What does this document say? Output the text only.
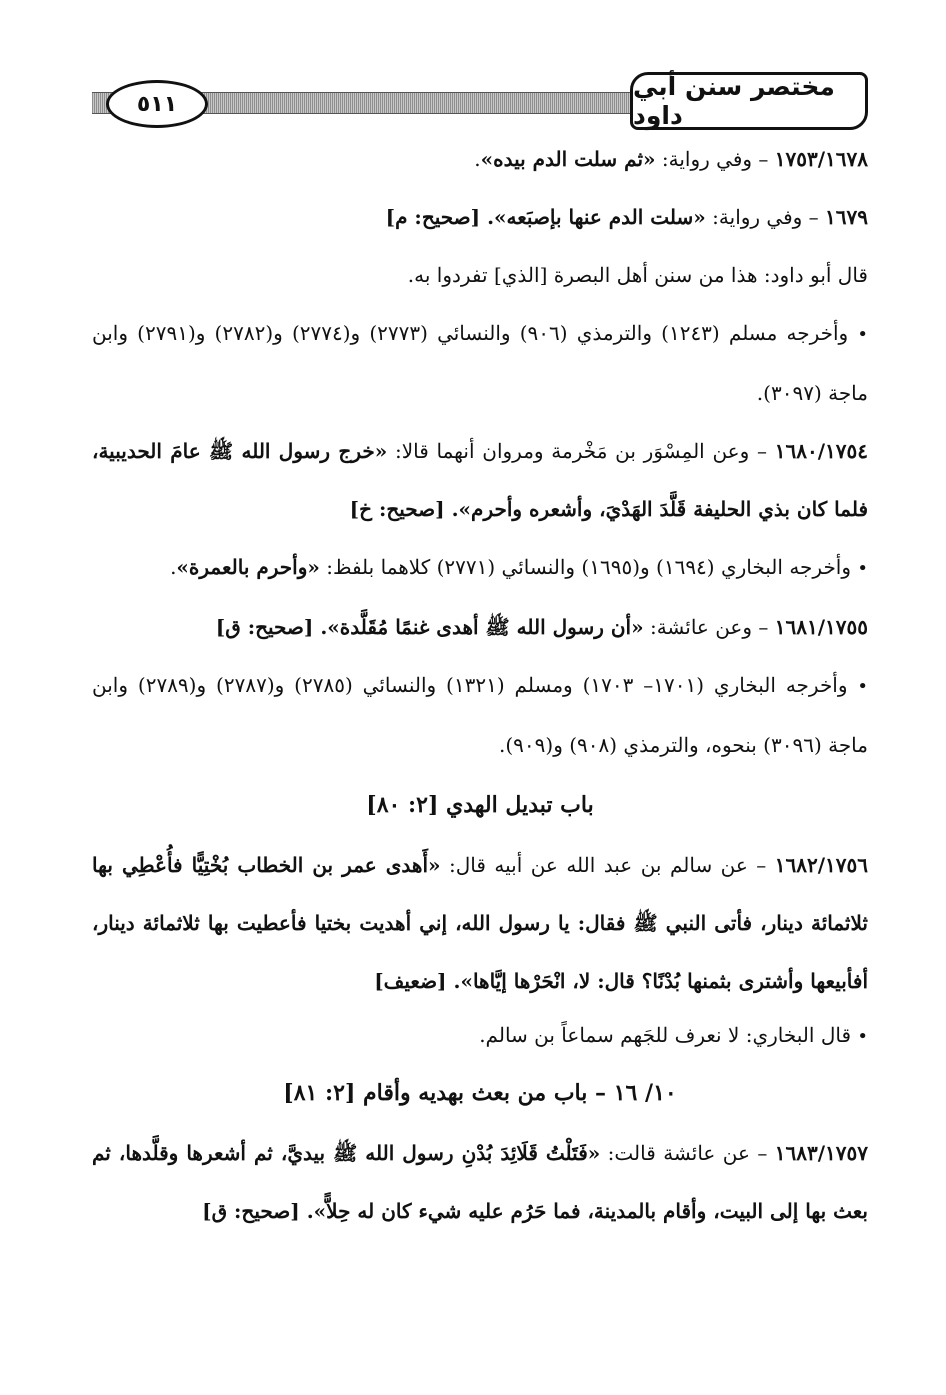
٥١١
مختصر سنن أبي داود

١٧٥٣/١٦٧٨ – وفي رواية: «ثم سلت الدم بيده».

١٦٧٩ – وفي رواية: «سلت الدم عنها بإصبَعه». [صحيح: م]

قال أبو داود: هذا من سنن أهل البصرة [الذي] تفردوا به.

• وأخرجه مسلم (١٢٤٣) والترمذي (٩٠٦) والنسائي (٢٧٧٣) و(٢٧٧٤) و(٢٧٨٢) و(٢٧٩١) وابن ماجة (٣٠٩٧).

١٦٨٠/١٧٥٤ – وعن المِسْوَر بن مَخْرمة ومروان أنهما قالا: «خرج رسول الله ﷺ عامَ الحديبية، فلما كان بذي الحليفة قَلَّدَ الهَدْيَ، وأشعره وأحرم». [صحيح: خ]

• وأخرجه البخاري (١٦٩٤) و(١٦٩٥) والنسائي (٢٧٧١) كلاهما بلفظ: «وأحرم بالعمرة».

١٦٨١/١٧٥٥ – وعن عائشة: «أن رسول الله ﷺ أهدى غنمًا مُقَلَّدة». [صحيح: ق]

• وأخرجه البخاري (١٧٠١– ١٧٠٣) ومسلم (١٣٢١) والنسائي (٢٧٨٥) و(٢٧٨٧) و(٢٧٨٩) وابن ماجة (٣٠٩٦) بنحوه، والترمذي (٩٠٨) و(٩٠٩).

باب تبديل الهدي [٢: ٨٠]

١٦٨٢/١٧٥٦ – عن سالم بن عبد الله عن أبيه قال: «أَهدى عمر بن الخطاب بُخْتِيًّا فأُعْطِي بها ثلاثمائة دينار، فأتى النبي ﷺ فقال: يا رسول الله، إني أهديت بختيا فأعطيت بها ثلاثمائة دينار، أفأبيعها وأشترى بثمنها بُدْنًا؟ قال: لا، انْحَرْها إيَّاها». [ضعيف]

• قال البخاري: لا نعرف للجَهم سماعاً بن سالم.

١٠/ ١٦ – باب من بعث بهديه وأقام [٢: ٨١]

١٦٨٣/١٧٥٧ – عن عائشة قالت: «فَتَلْتُ قَلَائِدَ بُدْنِ رسول الله ﷺ بيديَّ، ثم أشعرها وقلَّدها، ثم بعث بها إلى البيت، وأقام بالمدينة، فما حَرُم عليه شيء كان له حِلاًّ». [صحيح: ق]
